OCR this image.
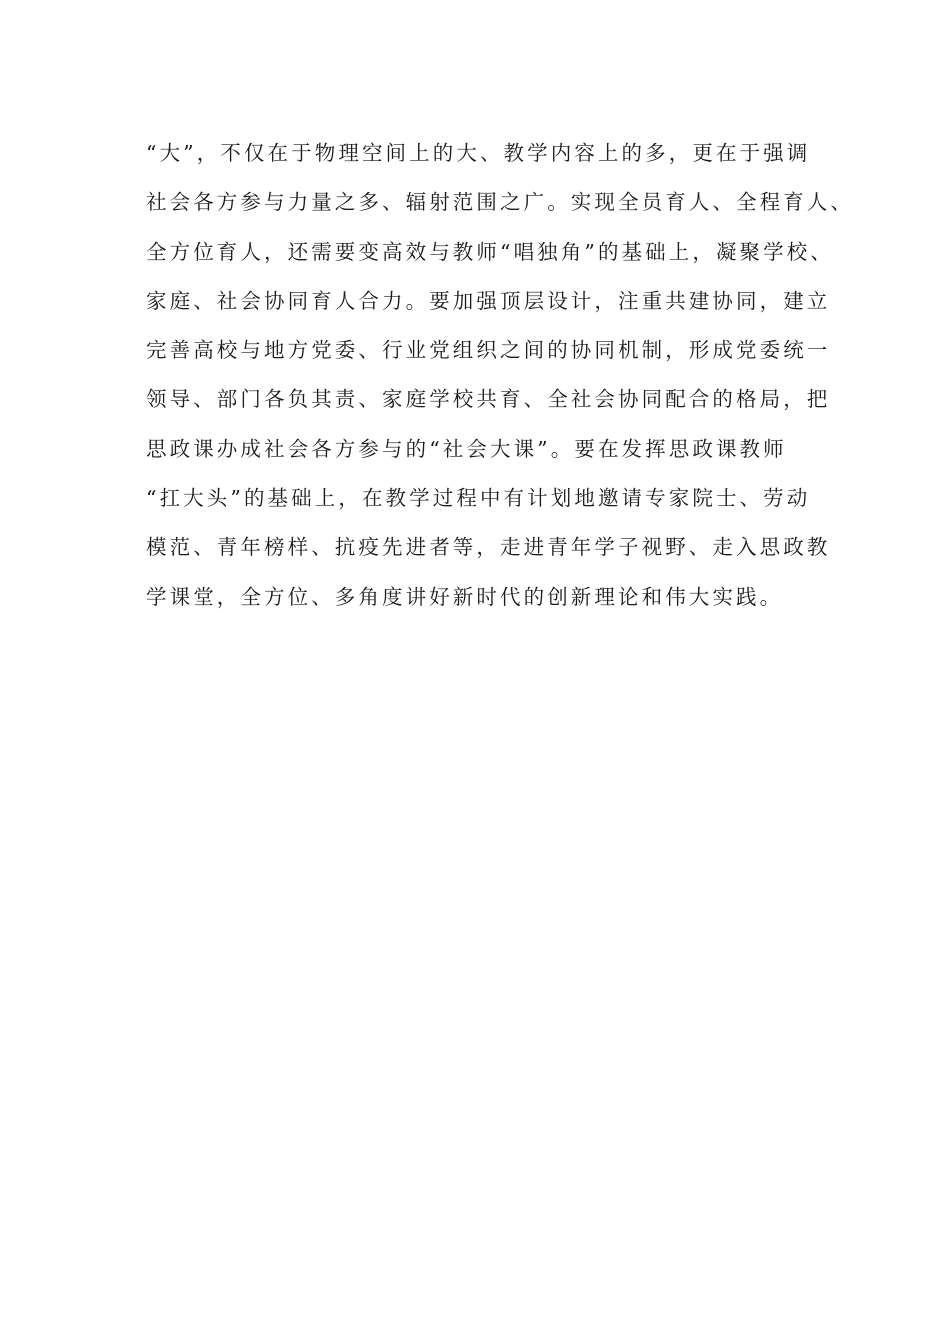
“大”，不仅在于物理空间上的大、教学内容上的多，更在于强调
社会各方参与力量之多、辐射范围之广。实现全员育人、全程育人、
全方位育人，还需要变高效与教师“唱独角”的基础上，凝聚学校、
家庭、社会协同育人合力。要加强顶层设计，注重共建协同，建立
完善高校与地方党委、行业党组织之间的协同机制，形成党委统一
领导、部门各负其责、家庭学校共育、全社会协同配合的格局，把
思政课办成社会各方参与的“社会大课”。要在发挥思政课教师
“扛大头”的基础上，在教学过程中有计划地邀请专家院士、劳动
模范、青年榜样、抗疫先进者等，走进青年学子视野、走入思政教
学课堂，全方位、多角度讲好新时代的创新理论和伟大实践。
